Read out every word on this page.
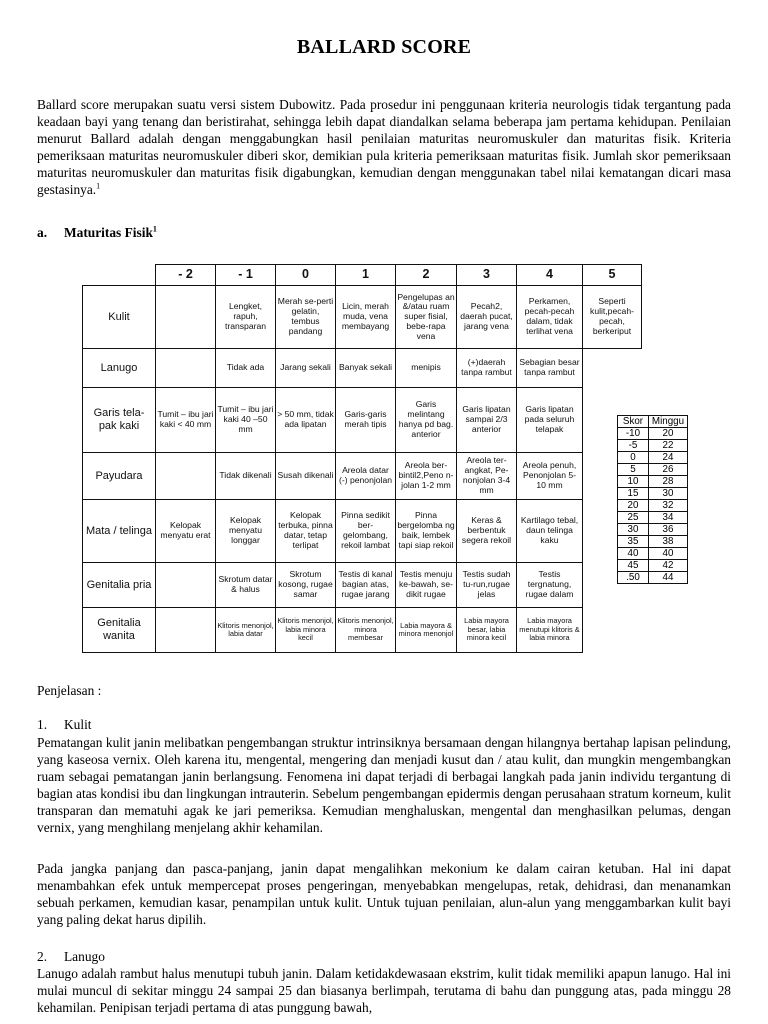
BALLARD SCORE

Ballard score merupakan suatu versi sistem Dubowitz. Pada prosedur ini penggunaan kriteria neurologis tidak tergantung pada keadaan bayi yang tenang dan beristirahat, sehingga lebih dapat diandalkan selama beberapa jam pertama kehidupan. Penilaian menurut Ballard adalah dengan menggabungkan hasil penilaian maturitas neuromuskuler dan maturitas fisik. Kriteria pemeriksaan maturitas neuromuskuler diberi skor, demikian pula kriteria pemeriksaan maturitas fisik. Jumlah skor pemeriksaan maturitas neuromuskuler dan maturitas fisik digabungkan, kemudian dengan menggunakan tabel nilai kematangan dicari masa gestasinya.$^1$

a. Maturitas Fisik$^1$

	- 2	- 1	0	1	2	3	4	5
Kulit		Lengket, rapuh, transparan	Merah se-perti gelatin, tembus pandang	Licin, merah muda, vena membayang	Pengelupas an &/atau ruam super fisial, bebe-rapa vena	Pecah2, daerah pucat, jarang vena	Perkamen, pecah-pecah dalam, tidak terlihat vena	Seperti kulit,pecah-pecah, berkeriput
Lanugo		Tidak ada	Jarang sekali	Banyak sekali	menipis	(+)daerah tanpa rambut	Sebagian besar tanpa rambut	
Garis tela-pak kaki	Tumit – ibu jari kaki < 40 mm	Tumit – ibu jari kaki 40 –50 mm	> 50 mm, tidak ada lipatan	Garis-garis merah tipis	Garis melintang hanya pd bag. anterior	Garis lipatan sampai 2/3 anterior	Garis lipatan pada seluruh telapak	
Payudara		Tidak dikenali	Susah dikenali	Areola datar (-) penonjolan	Areola ber-bintil2,Peno n- jolan 1-2 mm	Areola ter-angkat, Pe-nonjolan 3-4 mm	Areola penuh, Penonjolan 5- 10 mm	
Mata / telinga	Kelopak menyatu erat	Kelopak menyatu longgar	Kelopak terbuka, pinna datar, tetap terlipat	Pinna sedikit ber-gelombang, rekoil lambat	Pinna bergelomba ng baik, lembek tapi siap rekoil	Keras & berbentuk segera rekoil	Kartilago tebal, daun telinga kaku	
Genitalia pria		Skrotum datar & halus	Skrotum kosong, rugae samar	Testis di kanal bagian atas, rugae jarang	Testis menuju ke-bawah, se-dikit rugae	Testis sudah tu-run,rugae jelas	Testis tergnatung, rugae dalam	
Genitalia wanita		Klitoris menonjol, labia datar	Klitoris menonjol, labia minora kecil	Klitoris menonjol, minora membesar	Labia mayora & minora menonjol	Labia mayora besar, labia minora kecil	Labia mayora menutupi klitoris & labia minora	
Skor	Minggu
-10	20
-5	22
0	24
5	26
10	28
15	30
20	32
25	34
30	36
35	38
40	40
45	42
.50	44

Penjelasan :

1. Kulit

Pematangan kulit janin melibatkan pengembangan struktur intrinsiknya bersamaan dengan hilangnya bertahap lapisan pelindung, yang kaseosa vernix. Oleh karena itu, mengental, mengering dan menjadi kusut dan / atau kulit, dan mungkin mengembangkan ruam sebagai pematangan janin berlangsung. Fenomena ini dapat terjadi di berbagai langkah pada janin individu tergantung di bagian atas kondisi ibu dan lingkungan intrauterin. Sebelum pengembangan epidermis dengan perusahaan stratum korneum, kulit transparan dan mematuhi agak ke jari pemeriksa. Kemudian menghaluskan, mengental dan menghasilkan pelumas, dengan vernix, yang menghilang menjelang akhir kehamilan.

Pada jangka panjang dan pasca-panjang, janin dapat mengalihkan mekonium ke dalam cairan ketuban. Hal ini dapat menambahkan efek untuk mempercepat proses pengeringan, menyebabkan mengelupas, retak, dehidrasi, dan menanamkan sebuah perkamen, kemudian kasar, penampilan untuk kulit. Untuk tujuan penilaian, alun-alun yang menggambarkan kulit bayi yang paling dekat harus dipilih.

2. Lanugo

Lanugo adalah rambut halus menutupi tubuh janin. Dalam ketidakdewasaan ekstrim, kulit tidak memiliki apapun lanugo. Hal ini mulai muncul di sekitar minggu 24 sampai 25 dan biasanya berlimpah, terutama di bahu dan punggung atas, pada minggu 28 kehamilan. Penipisan terjadi pertama di atas punggung bawah,
